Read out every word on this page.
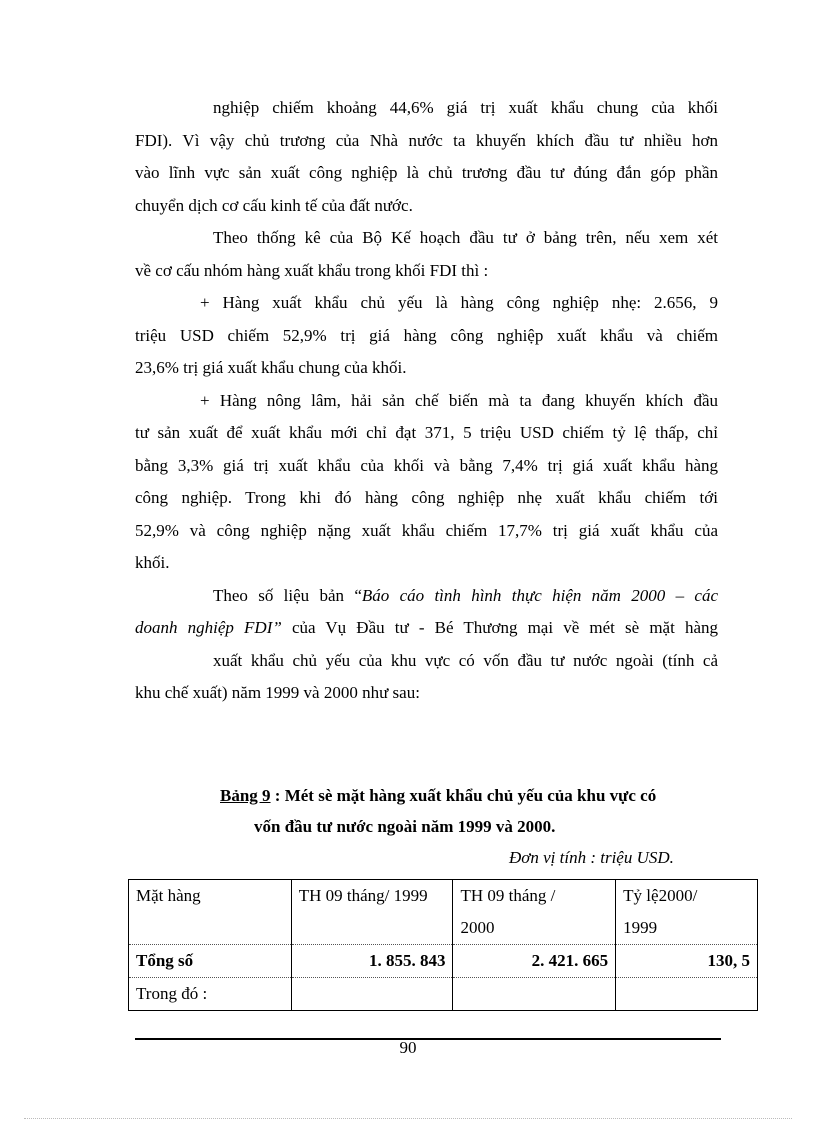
nghiệp chiếm khoảng 44,6% giá trị xuất khẩu chung của khối
FDI). Vì vậy chủ trương của Nhà nước ta khuyến khích đầu tư nhiều hơn
vào lĩnh vực sản xuất công nghiệp là chủ trương đầu tư đúng đắn góp phần
chuyển dịch cơ cấu kinh tế của đất nước.
Theo thống kê của Bộ Kế hoạch đầu tư ở bảng trên, nếu xem xét
về cơ cấu nhóm hàng xuất khẩu trong khối FDI thì :
+ Hàng xuất khẩu chủ yếu là hàng công nghiệp nhẹ: 2.656, 9
triệu USD chiếm 52,9% trị giá hàng công nghiệp xuất khẩu và chiếm
23,6% trị giá xuất khẩu chung của khối.
+ Hàng nông lâm, hải sản chế biến mà ta đang khuyến khích đầu
tư sản xuất để xuất khẩu mới chỉ đạt 371, 5 triệu USD chiếm tỷ lệ thấp, chỉ
bằng 3,3% giá trị xuất khẩu của khối và bằng 7,4% trị giá xuất khẩu hàng
công nghiệp. Trong khi đó hàng công nghiệp nhẹ xuất khẩu chiếm tới
52,9% và công nghiệp nặng xuất khẩu chiếm 17,7% trị giá xuất khẩu của
khối.
Theo số liệu bản “Báo cáo tình hình thực hiện năm 2000 – các
doanh nghiệp FDI” của Vụ Đầu tư - Bé Thương mại về mét sè mặt hàng
xuất khẩu chủ yếu của khu vực có vốn đầu tư nước ngoài (tính cả
khu chế xuất) năm 1999 và 2000 như sau:
Bảng 9 : Mét sè mặt hàng xuất khẩu chủ yếu của khu vực có
vốn đầu tư nước ngoài năm 1999 và 2000.
Đơn vị tính : triệu USD.
Mặt hàng	TH 09 tháng/ 1999	TH 09 tháng /	Tỷ lệ2000/
		2000	1999
Tổng số	1. 855. 843	2. 421. 665	130, 5
Trong đó :			
90
